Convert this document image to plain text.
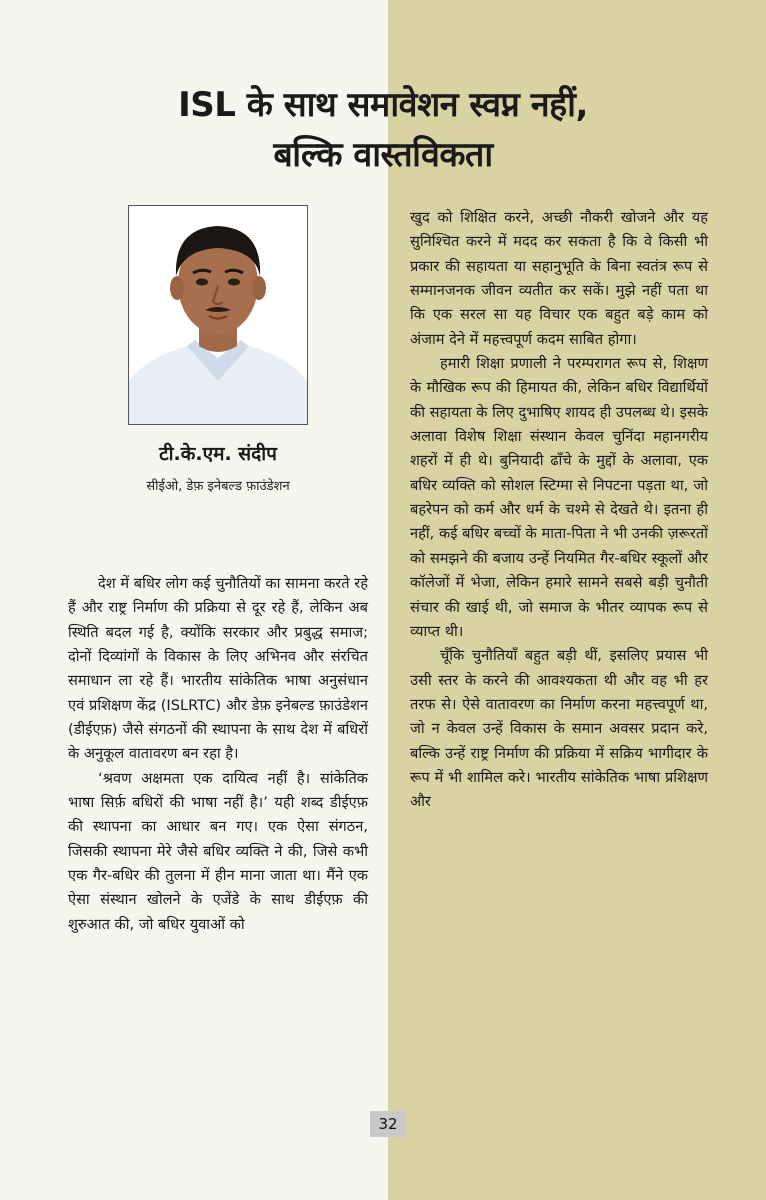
ISL के साथ समावेशन स्वप्न नहीं,
बल्कि वास्तविकता
टी.के.एम. संदीप
सीईओ, डेफ़ इनेबल्ड फ़ाउंडेशन

देश में बधिर लोग कई चुनौतियों का सामना करते रहे हैं और राष्ट्र निर्माण की प्रक्रिया से दूर रहे हैं, लेकिन अब स्थिति बदल गई है, क्योंकि सरकार और प्रबुद्ध समाज; दोनों दिव्यांगों के विकास के लिए अभिनव और संरचित समाधान ला रहे हैं। भारतीय सांकेतिक भाषा अनुसंधान एवं प्रशिक्षण केंद्र (ISLRTC) और डेफ़ इनेबल्ड फ़ाउंडेशन (डीईएफ़) जैसे संगठनों की स्थापना के साथ देश में बधिरों के अनुकूल वातावरण बन रहा है।

‘श्रवण अक्षमता एक दायित्व नहीं है। सांकेतिक भाषा सिर्फ़ बधिरों की भाषा नहीं है।’ यही शब्द डीईएफ़ की स्थापना का आधार बन गए। एक ऐसा संगठन, जिसकी स्थापना मेरे जैसे बधिर व्यक्ति ने की, जिसे कभी एक गैर-बधिर की तुलना में हीन माना जाता था। मैंने एक ऐसा संस्थान खोलने के एजेंडे के साथ डीईएफ़ की शुरुआत की, जो बधिर युवाओं को

खुद को शिक्षित करने, अच्छी नौकरी खोजने और यह सुनिश्चित करने में मदद कर सकता है कि वे किसी भी प्रकार की सहायता या सहानुभूति के बिना स्वतंत्र रूप से सम्मानजनक जीवन व्यतीत कर सकें। मुझे नहीं पता था कि एक सरल सा यह विचार एक बहुत बड़े काम को अंजाम देने में महत्त्वपूर्ण कदम साबित होगा।

हमारी शिक्षा प्रणाली ने परम्परागत रूप से, शिक्षण के मौखिक रूप की हिमायत की, लेकिन बधिर विद्यार्थियों की सहायता के लिए दुभाषिए शायद ही उपलब्ध थे। इसके अलावा विशेष शिक्षा संस्थान केवल चुनिंदा महानगरीय शहरों में ही थे। बुनियादी ढाँचे के मुद्दों के अलावा, एक बधिर व्यक्ति को सोशल स्टिग्मा से निपटना पड़ता था, जो बहरेपन को कर्म और धर्म के चश्मे से देखते थे। इतना ही नहीं, कई बधिर बच्चों के माता-पिता ने भी उनकी ज़रूरतों को समझने की बजाय उन्हें नियमित गैर-बधिर स्कूलों और कॉलेजों में भेजा, लेकिन हमारे सामने सबसे बड़ी चुनौती संचार की खाई थी, जो समाज के भीतर व्यापक रूप से व्याप्त थी।

चूँकि चुनौतियाँ बहुत बड़ी थीं, इसलिए प्रयास भी उसी स्तर के करने की आवश्यकता थी और वह भी हर तरफ से। ऐसे वातावरण का निर्माण करना महत्त्वपूर्ण था, जो न केवल उन्हें विकास के समान अवसर प्रदान करे, बल्कि उन्हें राष्ट्र निर्माण की प्रक्रिया में सक्रिय भागीदार के रूप में भी शामिल करे। भारतीय सांकेतिक भाषा प्रशिक्षण और

32
